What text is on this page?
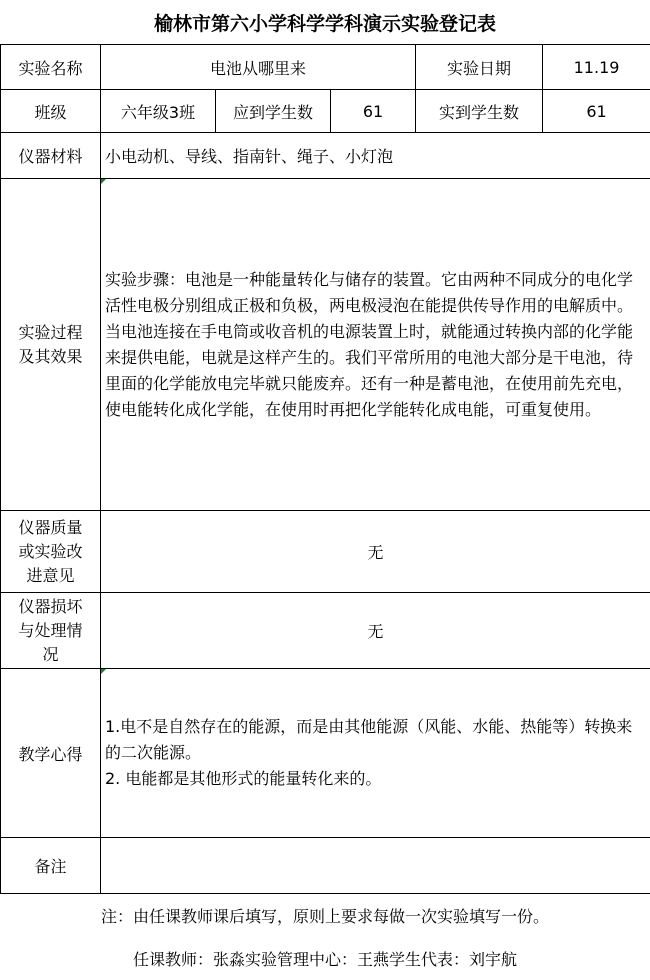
榆林市第六小学科学学科演示实验登记表
实验名称	电池从哪里来			实验日期	11.19
班级	六年级3班	应到学生数	61	实到学生数	61
仪器材料	小电动机、导线、指南针、绳子、小灯泡				

实验过程
及其效果	实验步骤：电池是一种能量转化与储存的装置。它由两种不同成分的电化学活性电极分别组成正极和负极，两电极浸泡在能提供传导作用的电解质中。当电池连接在手电筒或收音机的电源装置上时，就能通过转换内部的化学能来提供电能，电就是这样产生的。我们平常所用的电池大部分是干电池，待里面的化学能放电完毕就只能废弃。还有一种是蓄电池，在使用前先充电，使电能转化成化学能，在使用时再把化学能转化成电能，可重复使用。				

仪器质量
或实验改
进意见	无				

仪器损坏
与处理情
况	无				
教学心得	1.电不是自然存在的能源，而是由其他能源（风能、水能、热能等）转换来的二次能源。
2. 电能都是其他形式的能量转化来的。				

备注					
注：由任课教师课后填写，原则上要求每做一次实验填写一份。
任课教师：张淼 实验管理中心：王燕 学生代表：刘宇航
